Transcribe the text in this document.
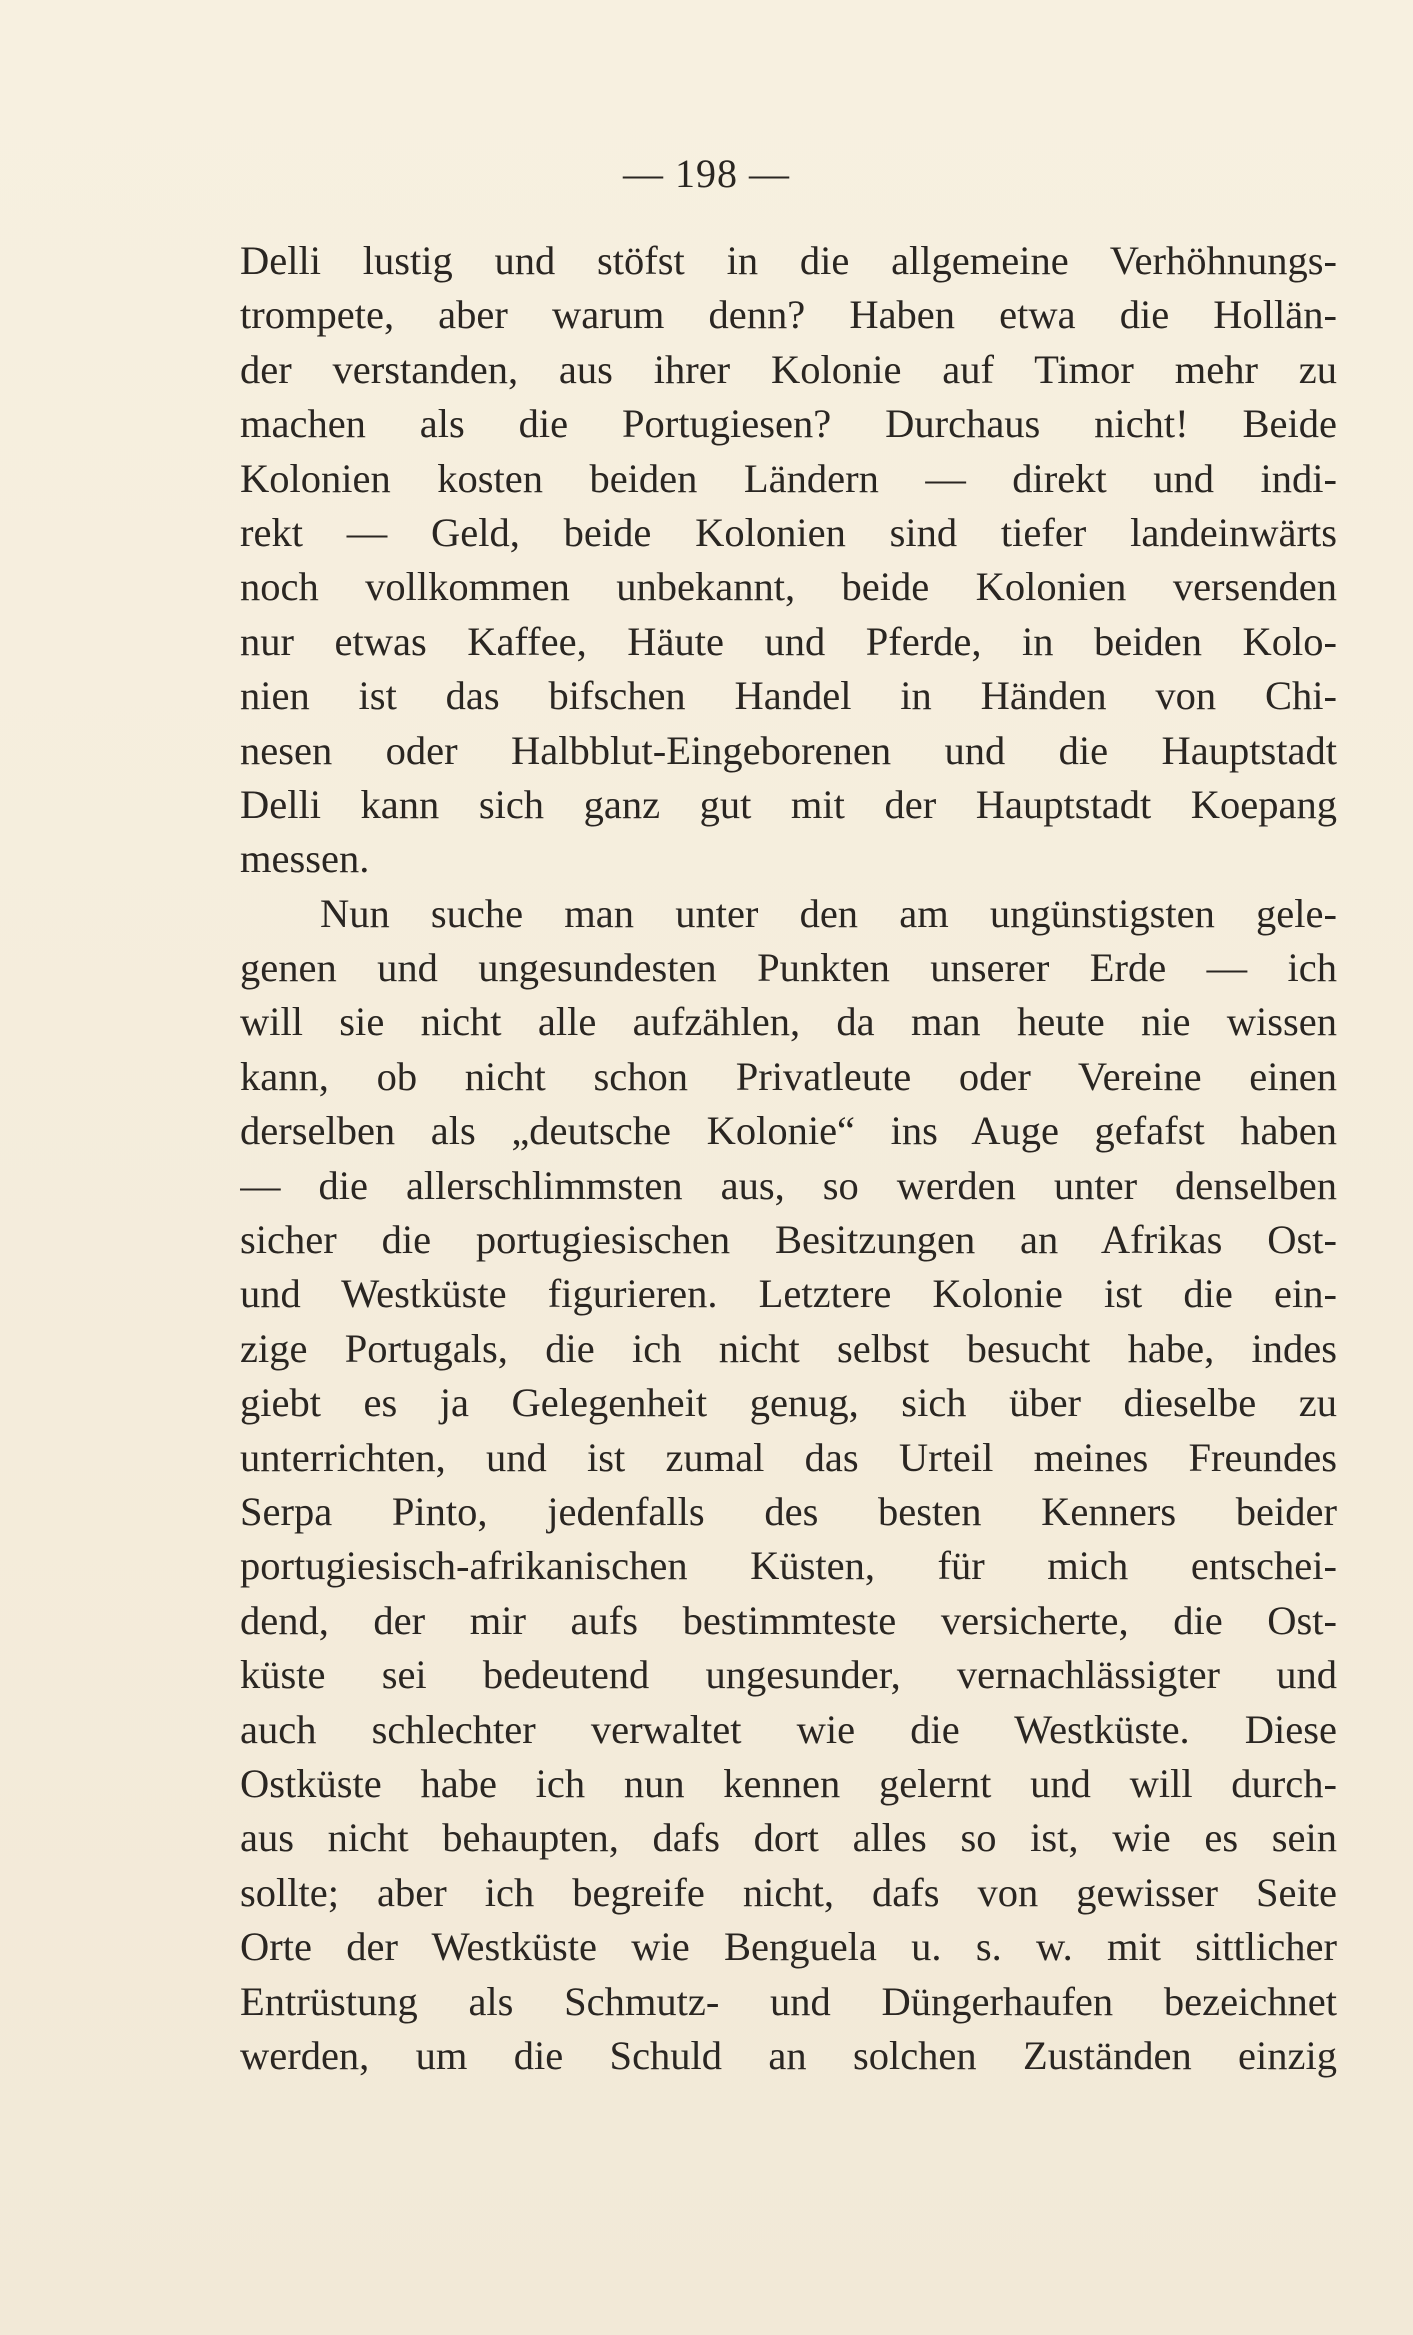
— 198 —
Delli lustig und stöfst in die allgemeine Verhöhnungs-
trompete, aber warum denn? Haben etwa die Hollän-
der verstanden, aus ihrer Kolonie auf Timor mehr zu
machen als die Portugiesen? Durchaus nicht! Beide
Kolonien kosten beiden Ländern — direkt und indi-
rekt — Geld, beide Kolonien sind tiefer landeinwärts
noch vollkommen unbekannt, beide Kolonien versenden
nur etwas Kaffee, Häute und Pferde, in beiden Kolo-
nien ist das bifschen Handel in Händen von Chi-
nesen oder Halbblut-Eingeborenen und die Hauptstadt
Delli kann sich ganz gut mit der Hauptstadt Koepang
messen.
Nun suche man unter den am ungünstigsten gele-
genen und ungesundesten Punkten unserer Erde — ich
will sie nicht alle aufzählen, da man heute nie wissen
kann, ob nicht schon Privatleute oder Vereine einen
derselben als „deutsche Kolonie“ ins Auge gefafst haben
— die allerschlimmsten aus, so werden unter denselben
sicher die portugiesischen Besitzungen an Afrikas Ost-
und Westküste figurieren. Letztere Kolonie ist die ein-
zige Portugals, die ich nicht selbst besucht habe, indes
giebt es ja Gelegenheit genug, sich über dieselbe zu
unterrichten, und ist zumal das Urteil meines Freundes
Serpa Pinto, jedenfalls des besten Kenners beider
portugiesisch-afrikanischen Küsten, für mich entschei-
dend, der mir aufs bestimmteste versicherte, die Ost-
küste sei bedeutend ungesunder, vernachlässigter und
auch schlechter verwaltet wie die Westküste. Diese
Ostküste habe ich nun kennen gelernt und will durch-
aus nicht behaupten, dafs dort alles so ist, wie es sein
sollte; aber ich begreife nicht, dafs von gewisser Seite
Orte der Westküste wie Benguela u. s. w. mit sittlicher
Entrüstung als Schmutz- und Düngerhaufen bezeichnet
werden, um die Schuld an solchen Zuständen einzig
